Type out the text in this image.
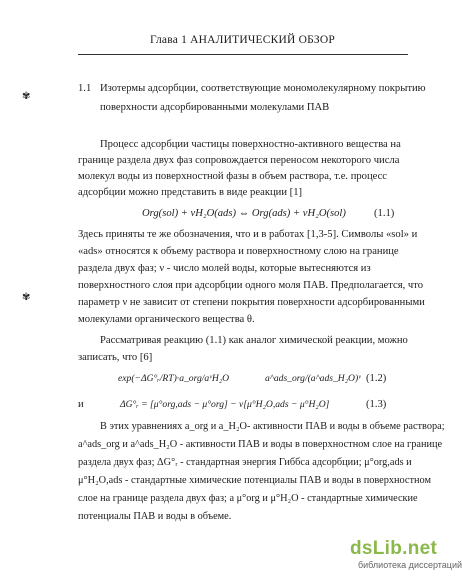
Глава 1 АНАЛИТИЧЕСКИЙ ОБЗОР
✾
✾
1.1 Изотермы адсорбции, соответствующие мономолекулярному покрытию
поверхности адсорбированными молекулами ПАВ
Процесс адсорбции частицы поверхностно-активного вещества на
границе раздела двух фаз сопровождается переносом некоторого числа
молекул воды из поверхностной фазы в объем раствора, т.е. процесс
адсорбции можно представить в виде реакции [1]
Org(sol) + νH₂O(ads) ⇔ Org(ads) + νH₂O(sol)	(1.1)
Здесь приняты те же обозначения, что и в работах [1,3-5]. Символы «sol» и
«ads» относятся к объему раствора и поверхностному слою на границе
раздела двух фаз; ν - число молей воды, которые вытесняются из
поверхностного слоя при адсорбции одного моля ПАВ. Предполагается, что
параметр ν не зависит от степени покрытия поверхности адсорбированными
молекулами органического вещества θ.
Рассматривая реакцию (1.1) как аналог химической реакции, можно
записать, что [6]
exp(−ΔG°ᵣ/RT)·a_org/aᵛH₂O	a^ads_org/(a^ads_H₂O)ᵛ (1.2)
и	ΔG°ᵣ = [μ°org,ads − μ°org] − ν[μ°H₂O,ads − μ°H₂O]	(1.3)
В этих уравнениях a_org и a_H₂O- активности ПАВ и воды в объеме раствора;
a^ads_org и a^ads_H₂O - активности ПАВ и воды в поверхностном слое на границе
раздела двух фаз; ΔG°ᵣ - стандартная энергия Гиббса адсорбции; μ°org,ads и
μ°H₂O,ads - стандартные химические потенциалы ПАВ и воды в поверхностном
слое на границе раздела двух фаз; а μ°org и μ°H₂O - стандартные химические
потенциалы ПАВ и воды в объеме.
dsLib.net
библиотека диссертаций
